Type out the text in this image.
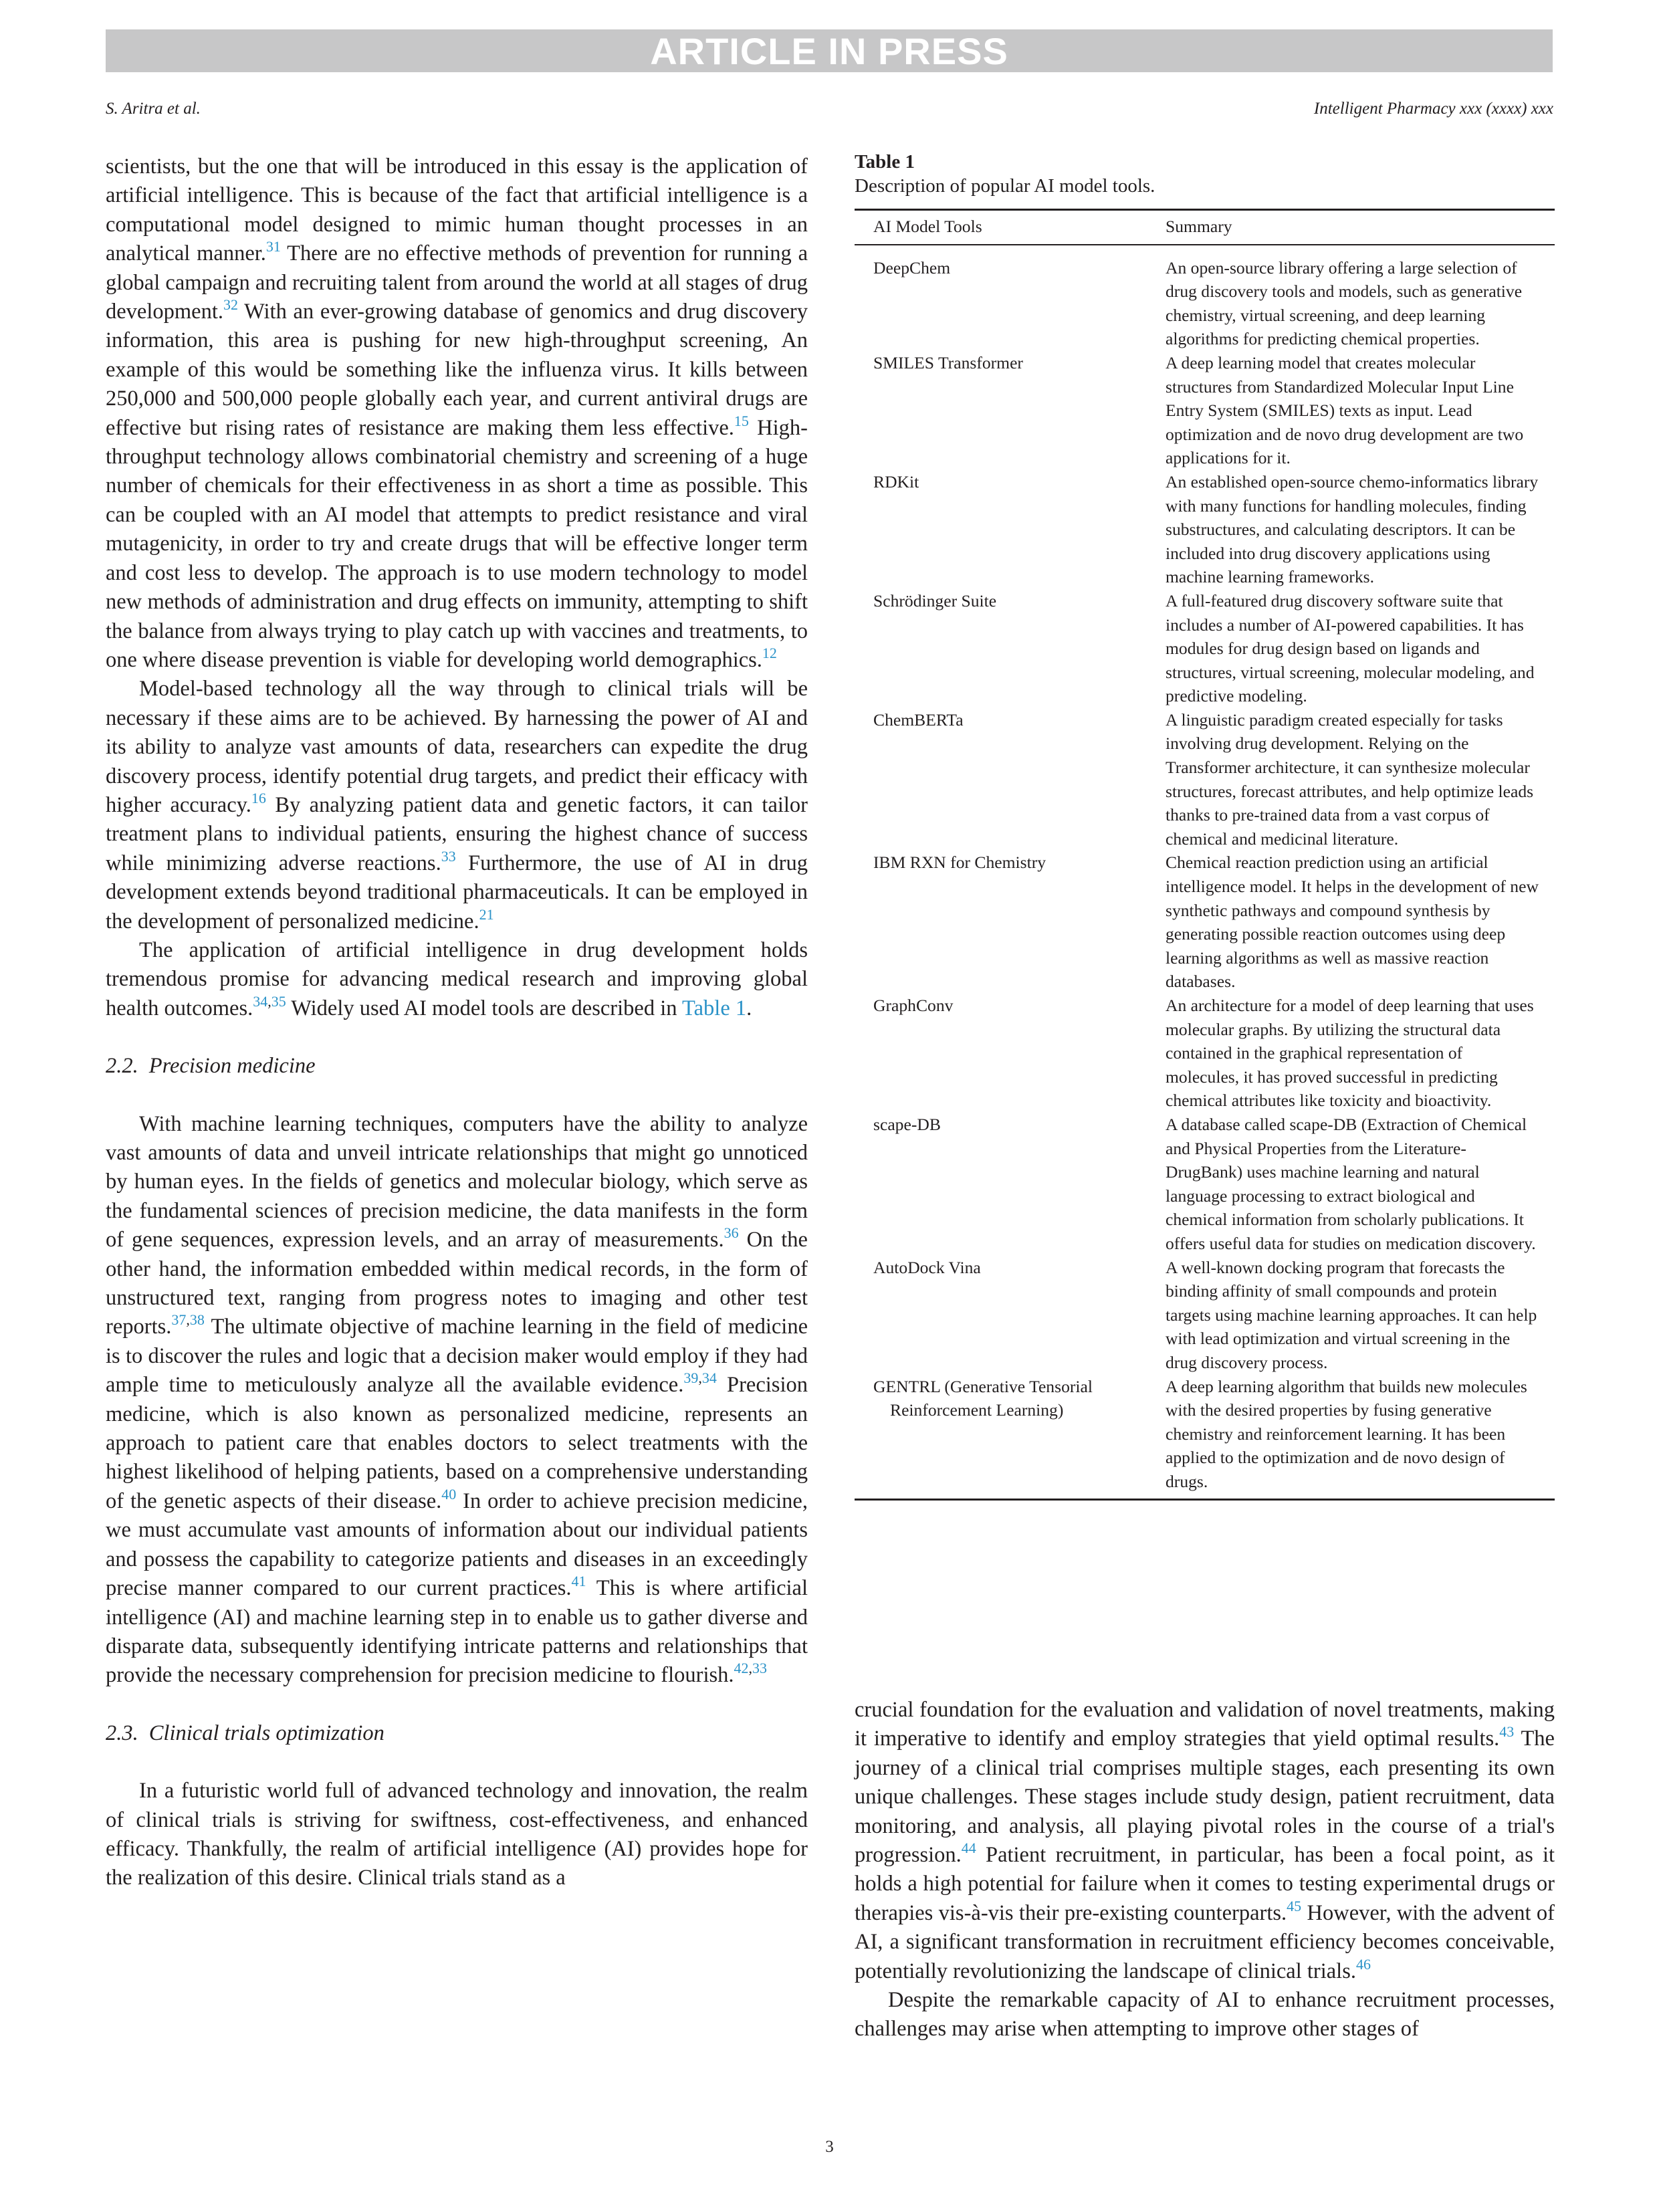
ARTICLE IN PRESS
S. Aritra et al.	Intelligent Pharmacy xxx (xxxx) xxx

scientists, but the one that will be introduced in this essay is the application of artificial intelligence. This is because of the fact that artificial intelligence is a computational model designed to mimic human thought processes in an analytical manner.$^{31}$ There are no effective methods of prevention for running a global campaign and recruiting talent from around the world at all stages of drug development.$^{32}$ With an ever-growing database of genomics and drug discovery information, this area is pushing for new high-throughput screening, An example of this would be something like the influenza virus. It kills between 250,000 and 500,000 people globally each year, and current antiviral drugs are effective but rising rates of resistance are making them less effective.$^{15}$ High-throughput technology allows combinatorial chemistry and screening of a huge number of chemicals for their effectiveness in as short a time as possible. This can be coupled with an AI model that attempts to predict resistance and viral mutagenicity, in order to try and create drugs that will be effective longer term and cost less to develop. The approach is to use modern technology to model new methods of administration and drug effects on immunity, attempting to shift the balance from always trying to play catch up with vaccines and treatments, to one where disease prevention is viable for developing world demographics.$^{12}$

Model-based technology all the way through to clinical trials will be necessary if these aims are to be achieved. By harnessing the power of AI and its ability to analyze vast amounts of data, researchers can expedite the drug discovery process, identify potential drug targets, and predict their efficacy with higher accuracy.$^{16}$ By analyzing patient data and genetic factors, it can tailor treatment plans to individual patients, ensuring the highest chance of success while minimizing adverse reactions.$^{33}$ Furthermore, the use of AI in drug development extends beyond traditional pharmaceuticals. It can be employed in the development of personalized medicine.$^{21}$

The application of artificial intelligence in drug development holds tremendous promise for advancing medical research and improving global health outcomes.$^{34,35}$ Widely used AI model tools are described in Table 1.

2.2. Precision medicine

With machine learning techniques, computers have the ability to analyze vast amounts of data and unveil intricate relationships that might go unnoticed by human eyes. In the fields of genetics and molecular biology, which serve as the fundamental sciences of precision medicine, the data manifests in the form of gene sequences, expression levels, and an array of measurements.$^{36}$ On the other hand, the information embedded within medical records, in the form of unstructured text, ranging from progress notes to imaging and other test reports.$^{37,38}$ The ultimate objective of machine learning in the field of medicine is to discover the rules and logic that a decision maker would employ if they had ample time to meticulously analyze all the available evidence.$^{39,34}$ Precision medicine, which is also known as personalized medicine, represents an approach to patient care that enables doctors to select treatments with the highest likelihood of helping patients, based on a comprehensive understanding of the genetic aspects of their disease.$^{40}$ In order to achieve precision medicine, we must accumulate vast amounts of information about our individual patients and possess the capability to categorize patients and diseases in an exceedingly precise manner compared to our current practices.$^{41}$ This is where artificial intelligence (AI) and machine learning step in to enable us to gather diverse and disparate data, subsequently identifying intricate patterns and relationships that provide the necessary comprehension for precision medicine to flourish.$^{42,33}$

2.3. Clinical trials optimization

In a futuristic world full of advanced technology and innovation, the realm of clinical trials is striving for swiftness, cost-effectiveness, and enhanced efficacy. Thankfully, the realm of artificial intelligence (AI) provides hope for the realization of this desire. Clinical trials stand as a

Table 1
Description of popular AI model tools.
AI Model Tools	Summary

DeepChem	An open-source library offering a large selection of drug discovery tools and models, such as generative chemistry, virtual screening, and deep learning algorithms for predicting chemical properties.

SMILES Transformer	A deep learning model that creates molecular structures from Standardized Molecular Input Line Entry System (SMILES) texts as input. Lead optimization and de novo drug development are two applications for it.

RDKit	An established open-source chemo-informatics library with many functions for handling molecules, finding substructures, and calculating descriptors. It can be included into drug discovery applications using machine learning frameworks.

Schrödinger Suite	A full-featured drug discovery software suite that includes a number of AI-powered capabilities. It has modules for drug design based on ligands and structures, virtual screening, molecular modeling, and predictive modeling.

ChemBERTa	A linguistic paradigm created especially for tasks involving drug development. Relying on the Transformer architecture, it can synthesize molecular structures, forecast attributes, and help optimize leads thanks to pre-trained data from a vast corpus of chemical and medicinal literature.

IBM RXN for Chemistry	Chemical reaction prediction using an artificial intelligence model. It helps in the development of new synthetic pathways and compound synthesis by generating possible reaction outcomes using deep learning algorithms as well as massive reaction databases.

GraphConv	An architecture for a model of deep learning that uses molecular graphs. By utilizing the structural data contained in the graphical representation of molecules, it has proved successful in predicting chemical attributes like toxicity and bioactivity.

scape-DB	A database called scape-DB (Extraction of Chemical and Physical Properties from the Literature-DrugBank) uses machine learning and natural language processing to extract biological and chemical information from scholarly publications. It offers useful data for studies on medication discovery.

AutoDock Vina	A well-known docking program that forecasts the binding affinity of small compounds and protein targets using machine learning approaches. It can help with lead optimization and virtual screening in the drug discovery process.

GENTRL (Generative Tensorial Reinforcement Learning)	A deep learning algorithm that builds new molecules with the desired properties by fusing generative chemistry and reinforcement learning. It has been applied to the optimization and de novo design of drugs.

crucial foundation for the evaluation and validation of novel treatments, making it imperative to identify and employ strategies that yield optimal results.$^{43}$ The journey of a clinical trial comprises multiple stages, each presenting its own unique challenges. These stages include study design, patient recruitment, data monitoring, and analysis, all playing pivotal roles in the course of a trial's progression.$^{44}$ Patient recruitment, in particular, has been a focal point, as it holds a high potential for failure when it comes to testing experimental drugs or therapies vis-à-vis their pre-existing counterparts.$^{45}$ However, with the advent of AI, a significant transformation in recruitment efficiency becomes conceivable, potentially revolutionizing the landscape of clinical trials.$^{46}$

Despite the remarkable capacity of AI to enhance recruitment processes, challenges may arise when attempting to improve other stages of

3
